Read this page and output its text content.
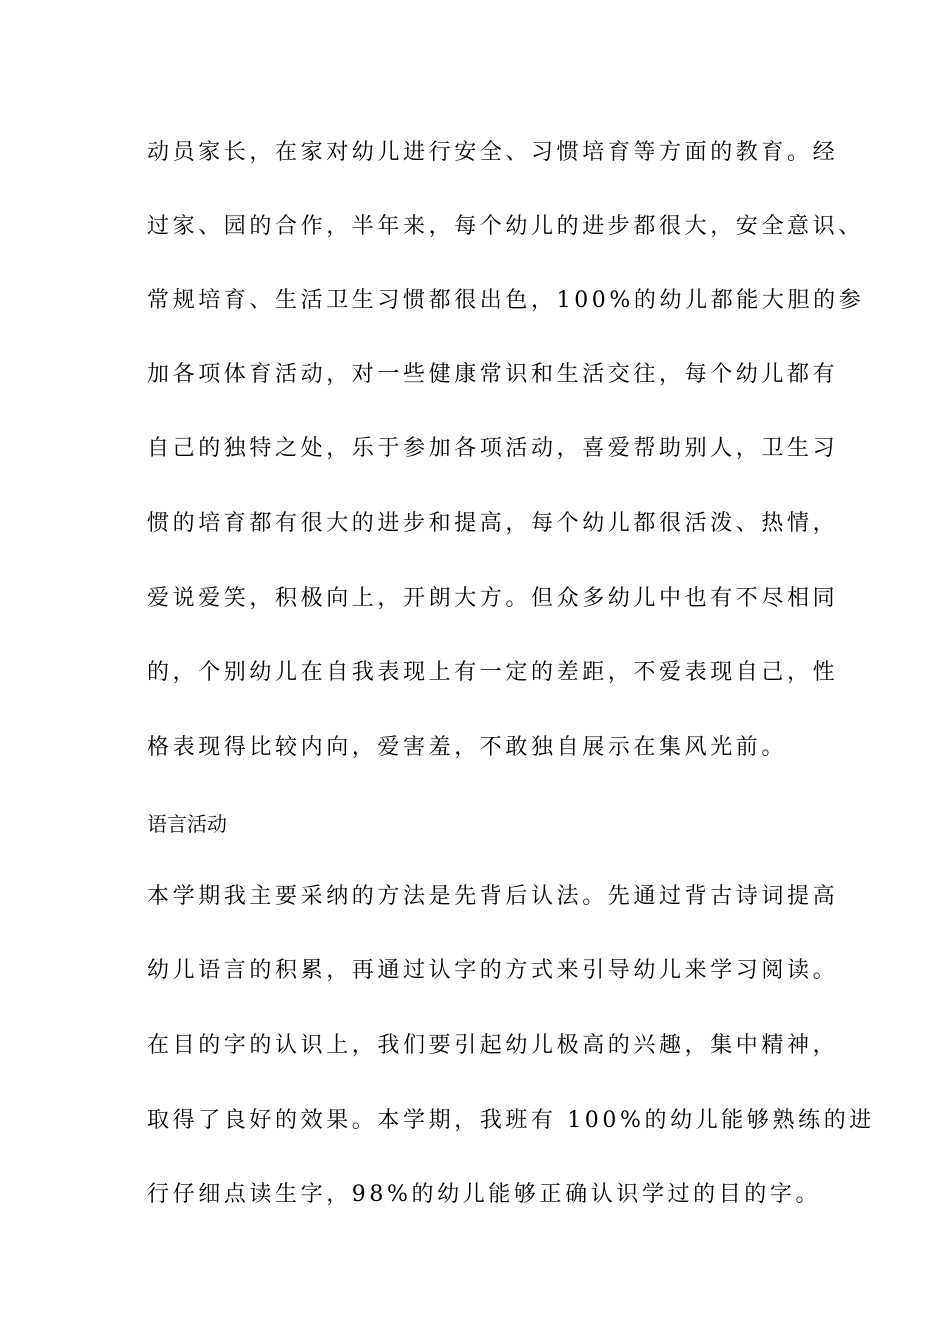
动员家长，在家对幼儿进行安全、习惯培育等方面的教育。经
过家、园的合作，半年来，每个幼儿的进步都很大，安全意识、
常规培育、生活卫生习惯都很出色，100%的幼儿都能大胆的参
加各项体育活动，对一些健康常识和生活交往，每个幼儿都有
自己的独特之处，乐于参加各项活动，喜爱帮助别人，卫生习
惯的培育都有很大的进步和提高，每个幼儿都很活泼、热情，
爱说爱笑，积极向上，开朗大方。但众多幼儿中也有不尽相同
的，个别幼儿在自我表现上有一定的差距，不爱表现自己，性
格表现得比较内向，爱害羞，不敢独自展示在集风光前。
语言活动
本学期我主要采纳的方法是先背后认法。先通过背古诗词提高
幼儿语言的积累，再通过认字的方式来引导幼儿来学习阅读。
在目的字的认识上，我们要引起幼儿极高的兴趣，集中精神，
取得了良好的效果。本学期，我班有 100%的幼儿能够熟练的进
行仔细点读生字，98%的幼儿能够正确认识学过的目的字。
